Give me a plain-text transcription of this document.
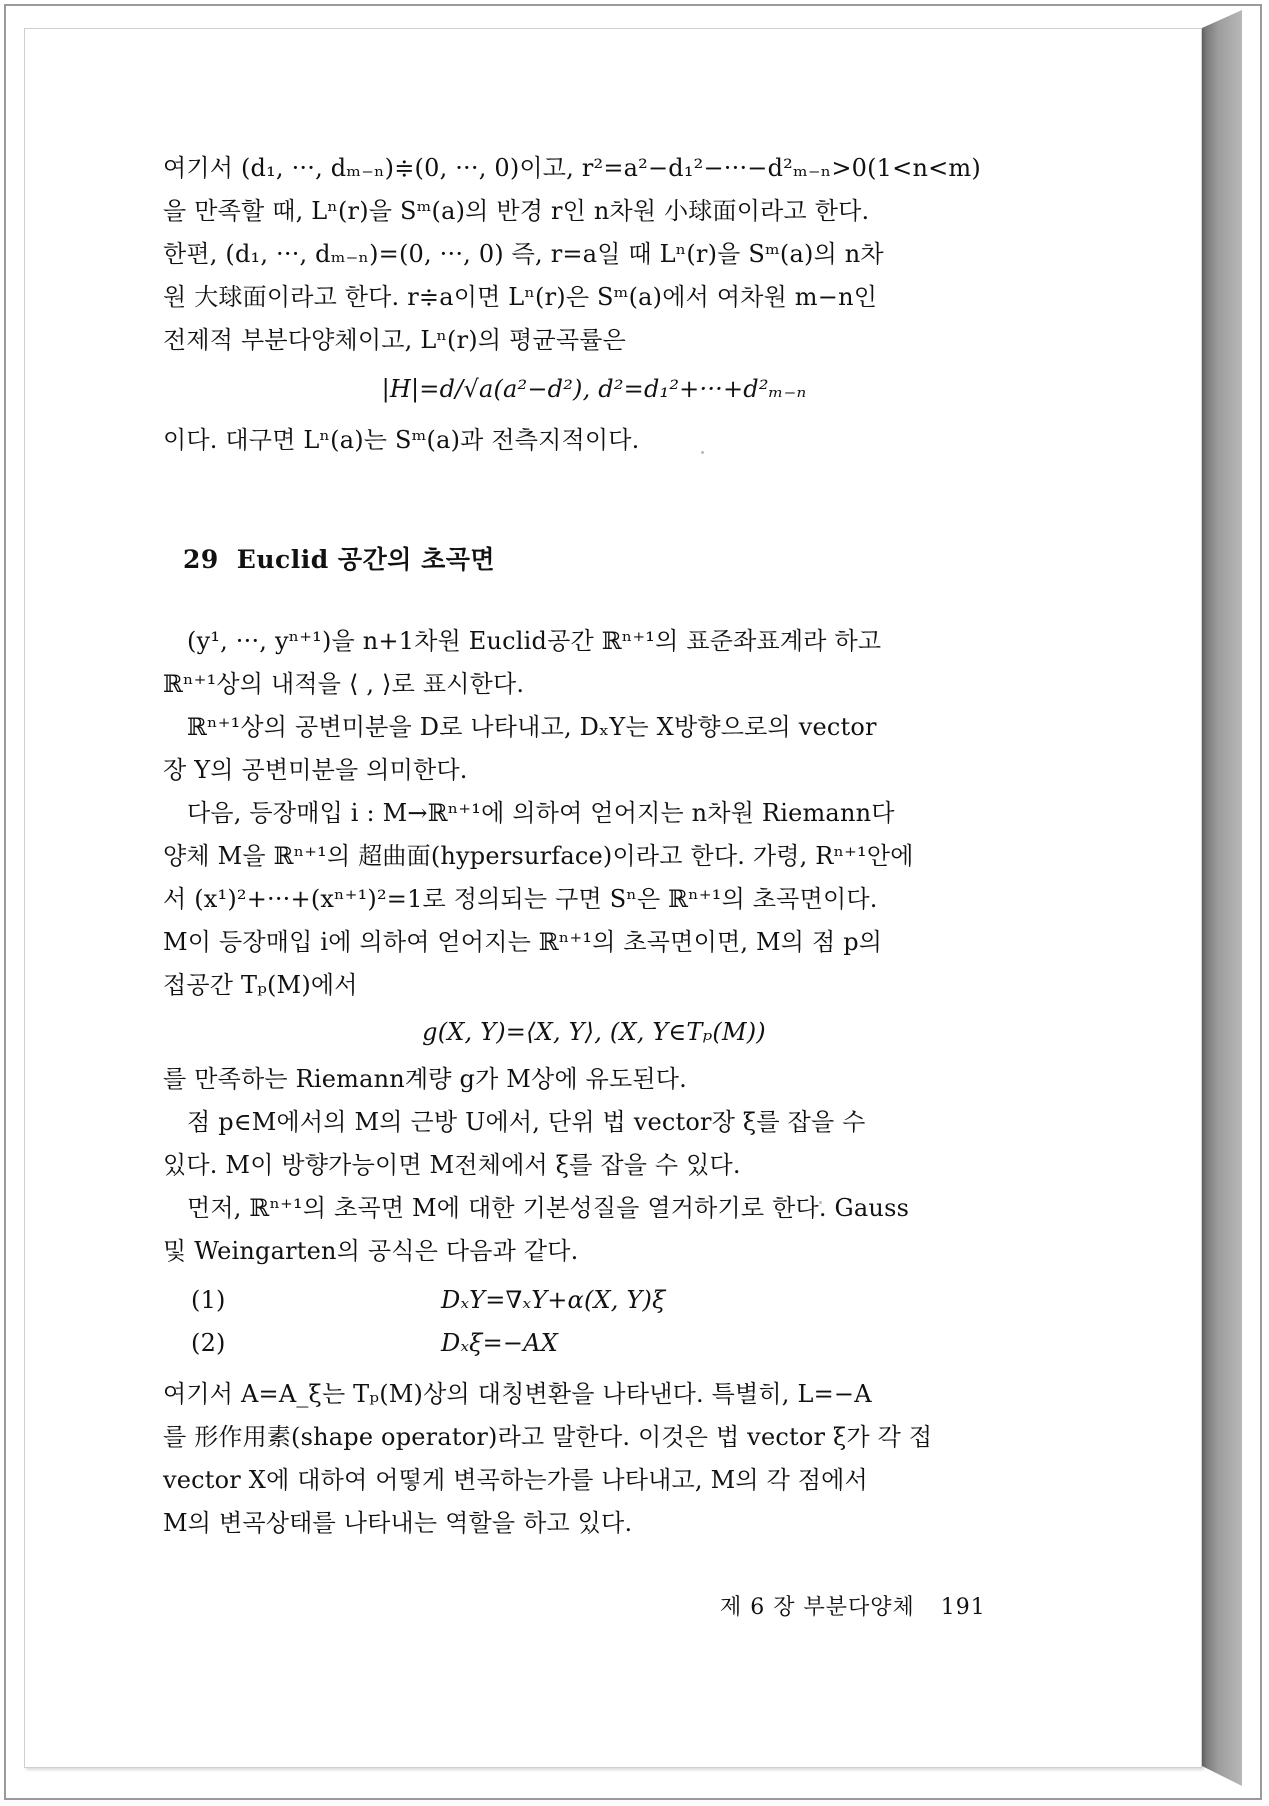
여기서 (d₁, ···, dₘ₋ₙ)≑(0, ···, 0)이고, r²=a²−d₁²−···−d²ₘ₋ₙ>0(1<n<m)

을 만족할 때, Lⁿ(r)을 Sᵐ(a)의 반경 r인 n차원 小球面이라고 한다.

한편, (d₁, ···, dₘ₋ₙ)=(0, ···, 0) 즉, r=a일 때 Lⁿ(r)을 Sᵐ(a)의 n차

원 大球面이라고 한다. r≑a이면 Lⁿ(r)은 Sᵐ(a)에서 여차원 m−n인

전제적 부분다양체이고, Lⁿ(r)의 평균곡률은

|H|=d/√a(a²−d²), d²=d₁²+···+d²ₘ₋ₙ

이다. 대구면 Lⁿ(a)는 Sᵐ(a)과 전측지적이다.

29 Euclid 공간의 초곡면

(y¹, ···, yⁿ⁺¹)을 n+1차원 Euclid공간 ℝⁿ⁺¹의 표준좌표계라 하고

ℝⁿ⁺¹상의 내적을 ⟨ , ⟩로 표시한다.

ℝⁿ⁺¹상의 공변미분을 D로 나타내고, DₓY는 X방향으로의 vector

장 Y의 공변미분을 의미한다.

다음, 등장매입 i : M→ℝⁿ⁺¹에 의하여 얻어지는 n차원 Riemann다

양체 M을 ℝⁿ⁺¹의 超曲面(hypersurface)이라고 한다. 가령, Rⁿ⁺¹안에

서 (x¹)²+···+(xⁿ⁺¹)²=1로 정의되는 구면 Sⁿ은 ℝⁿ⁺¹의 초곡면이다.

M이 등장매입 i에 의하여 얻어지는 ℝⁿ⁺¹의 초곡면이면, M의 점 p의

접공간 Tₚ(M)에서

g(X, Y)=⟨X, Y⟩, (X, Y∈Tₚ(M))

를 만족하는 Riemann계량 g가 M상에 유도된다.

점 p∈M에서의 M의 근방 U에서, 단위 법 vector장 ξ를 잡을 수

있다. M이 방향가능이면 M전체에서 ξ를 잡을 수 있다.

먼저, ℝⁿ⁺¹의 초곡면 M에 대한 기본성질을 열거하기로 한다. Gauss

및 Weingarten의 공식은 다음과 같다.

(1)	DₓY=∇ₓY+α(X, Y)ξ
(2)	Dₓξ=−AX

여기서 A=A_ξ는 Tₚ(M)상의 대칭변환을 나타낸다. 특별히, L=−A

를 形作用素(shape operator)라고 말한다. 이것은 법 vector ξ가 각 접

vector X에 대하여 어떻게 변곡하는가를 나타내고, M의 각 점에서

M의 변곡상태를 나타내는 역할을 하고 있다.

제 6 장 부분다양체 191
